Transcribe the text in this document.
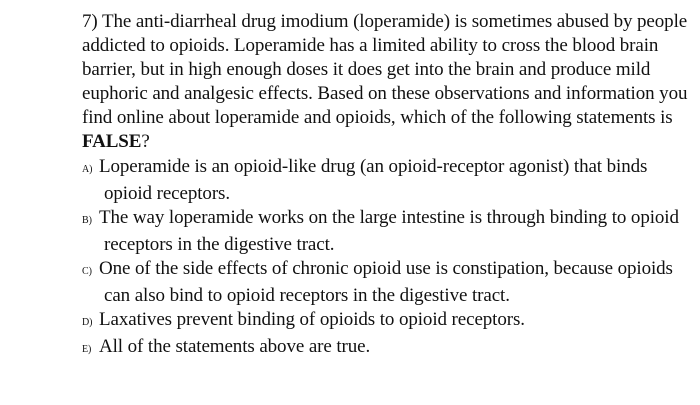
7) The anti-diarrheal drug imodium (loperamide) is sometimes abused by people addicted to opioids. Loperamide has a limited ability to cross the blood brain barrier, but in high enough doses it does get into the brain and produce mild euphoric and analgesic effects. Based on these observations and information you find online about loperamide and opioids, which of the following statements is FALSE?

A) Loperamide is an opioid-like drug (an opioid-receptor agonist) that binds opioid receptors.
B) The way loperamide works on the large intestine is through binding to opioid receptors in the digestive tract.
C) One of the side effects of chronic opioid use is constipation, because opioids can also bind to opioid receptors in the digestive tract.
D) Laxatives prevent binding of opioids to opioid receptors.
E) All of the statements above are true.
